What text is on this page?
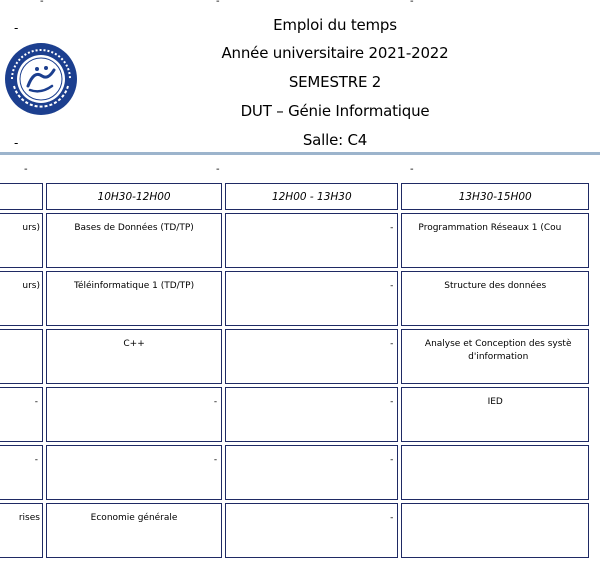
-	-	-
Emploi du temps
Année universitaire 2021-2022
SEMESTRE 2
DUT – Génie Informatique
Salle: C4
-
-
-	-	-
	10H30-12H00	12H00 - 13H30	13H30-15H00

urs)	Bases de Données (TD/TP)	-	Programmation Réseaux 1 (Cou

urs)	Téléinformatique 1 (TD/TP)	-	Structure des données

	C++	-	Analyse et Conception des systè d'information

-	-	-	IED

-	-	-	

rises	Economie générale	-	
